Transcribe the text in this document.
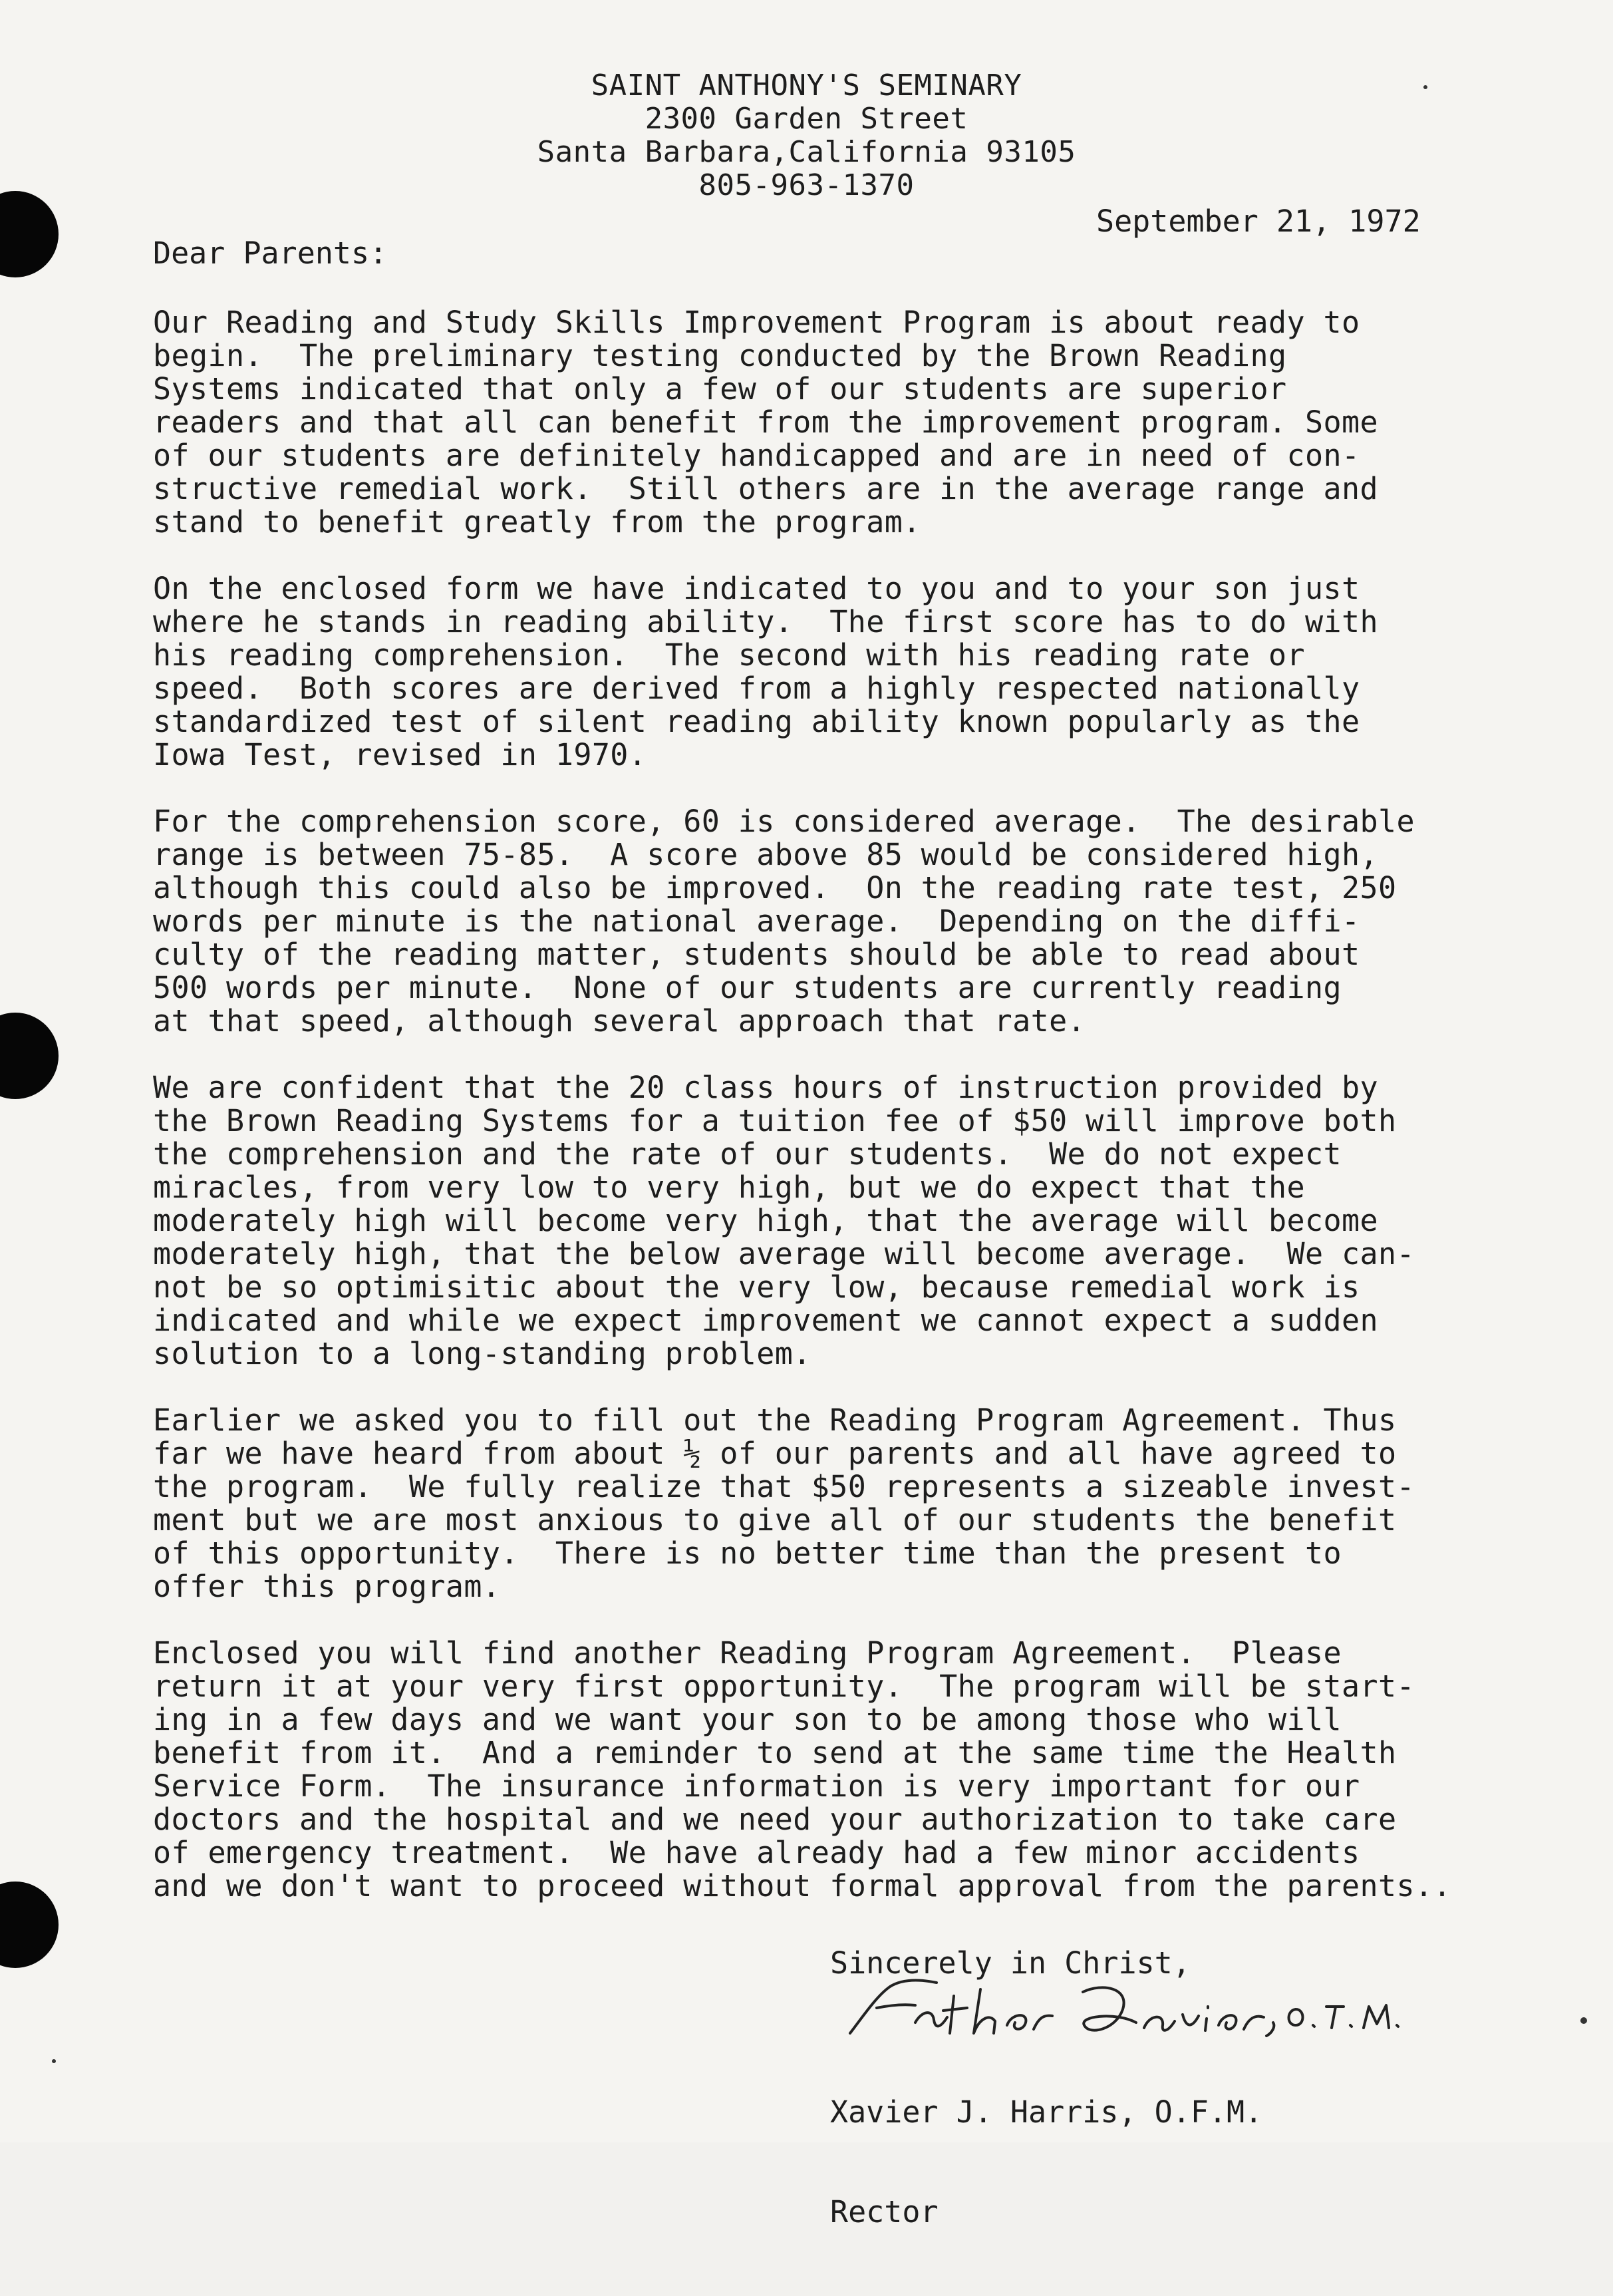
SAINT ANTHONY'S SEMINARY
2300 Garden Street
Santa Barbara,California 93105
805-963-1370
September 21, 1972
Dear Parents:
Our Reading and Study Skills Improvement Program is about ready to
begin.  The preliminary testing conducted by the Brown Reading
Systems indicated that only a few of our students are superior
readers and that all can benefit from the improvement program. Some
of our students are definitely handicapped and are in need of con-
structive remedial work.  Still others are in the average range and
stand to benefit greatly from the program.
On the enclosed form we have indicated to you and to your son just
where he stands in reading ability.  The first score has to do with
his reading comprehension.  The second with his reading rate or
speed.  Both scores are derived from a highly respected nationally
standardized test of silent reading ability known popularly as the
Iowa Test, revised in 1970.
For the comprehension score, 60 is considered average.  The desirable
range is between 75-85.  A score above 85 would be considered high,
although this could also be improved.  On the reading rate test, 250
words per minute is the national average.  Depending on the diffi-
culty of the reading matter, students should be able to read about
500 words per minute.  None of our students are currently reading
at that speed, although several approach that rate.
We are confident that the 20 class hours of instruction provided by
the Brown Reading Systems for a tuition fee of $50 will improve both
the comprehension and the rate of our students.  We do not expect
miracles, from very low to very high, but we do expect that the
moderately high will become very high, that the average will become
moderately high, that the below average will become average.  We can-
not be so optimisitic about the very low, because remedial work is
indicated and while we expect improvement we cannot expect a sudden
solution to a long-standing problem.
Earlier we asked you to fill out the Reading Program Agreement. Thus
far we have heard from about ½ of our parents and all have agreed to
the program.  We fully realize that $50 represents a sizeable invest-
ment but we are most anxious to give all of our students the benefit
of this opportunity.  There is no better time than the present to
offer this program.
Enclosed you will find another Reading Program Agreement.  Please
return it at your very first opportunity.  The program will be start-
ing in a few days and we want your son to be among those who will
benefit from it.  And a reminder to send at the same time the Health
Service Form.  The insurance information is very important for our
doctors and the hospital and we need your authorization to take care
of emergency treatment.  We have already had a few minor accidents
and we don't want to proceed without formal approval from the parents..
Sincerely in Christ,

Xavier J. Harris, O.F.M.

Rector
